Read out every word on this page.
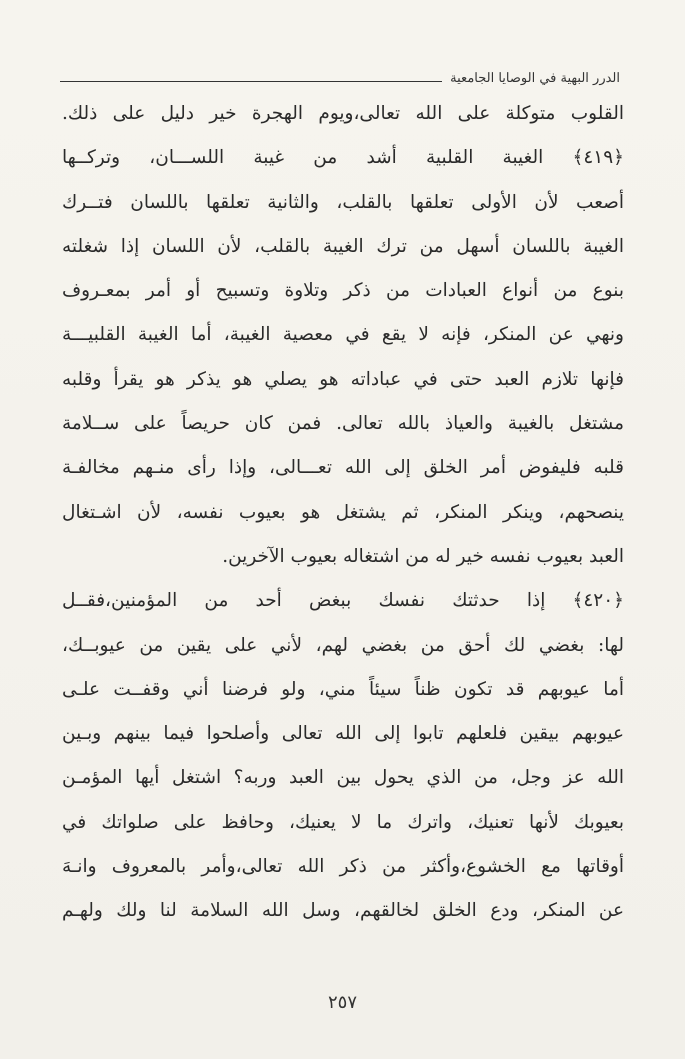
الدرر البهية في الوصايا الجامعية
القلوب متوكلة على الله تعالى،ويوم الهجرة خير دليل على ذلك.
﴿٤١٩﴾ الغيبة القلبية أشد من غيبة اللســـان، وتركــها
أصعب لأن الأولى تعلقها بالقلب، والثانية تعلقها باللسان فتــرك
الغيبة باللسان أسهل من ترك الغيبة بالقلب، لأن اللسان إذا شغلته
بنوع من أنواع العبادات من ذكر وتلاوة وتسبيح أو أمر بمعـروف
ونهي عن المنكر، فإنه لا يقع في معصية الغيبة، أما الغيبة القلبيـــة
فإنها تلازم العبد حتى في عباداته هو يصلي هو يذكر هو يقرأ وقلبه
مشتغل بالغيبة والعياذ بالله تعالى. فمن كان حريصاً على ســلامة
قلبه فليفوض أمر الخلق إلى الله تعـــالى، وإذا رأى منـهم مخالفـة
ينصحهم، وينكر المنكر، ثم يشتغل هو بعيوب نفسه، لأن اشـتغال
العبد بعيوب نفسه خير له من اشتغاله بعيوب الآخرين.
﴿٤٢٠﴾ إذا حدثتك نفسك ببغض أحد من المؤمنين،فقــل
لها: بغضي لك أحق من بغضي لهم، لأني على يقين من عيوبــك،
أما عيوبهم قد تكون ظناً سيئاً مني، ولو فرضنا أني وقفــت علـى
عيوبهم بيقين فلعلهم تابوا إلى الله تعالى وأصلحوا فيما بينهم وبـين
الله عز وجل، من الذي يحول بين العبد وربه؟ اشتغل أيها المؤمـن
بعيوبك لأنها تعنيك، واترك ما لا يعنيك، وحافظ على صلواتك في
أوقاتها مع الخشوع،وأكثر من ذكر الله تعالى،وأمر بالمعروف وانـهَ
عن المنكر، ودع الخلق لخالقهم، وسل الله السلامة لنا ولك ولهـم
٢٥٧
